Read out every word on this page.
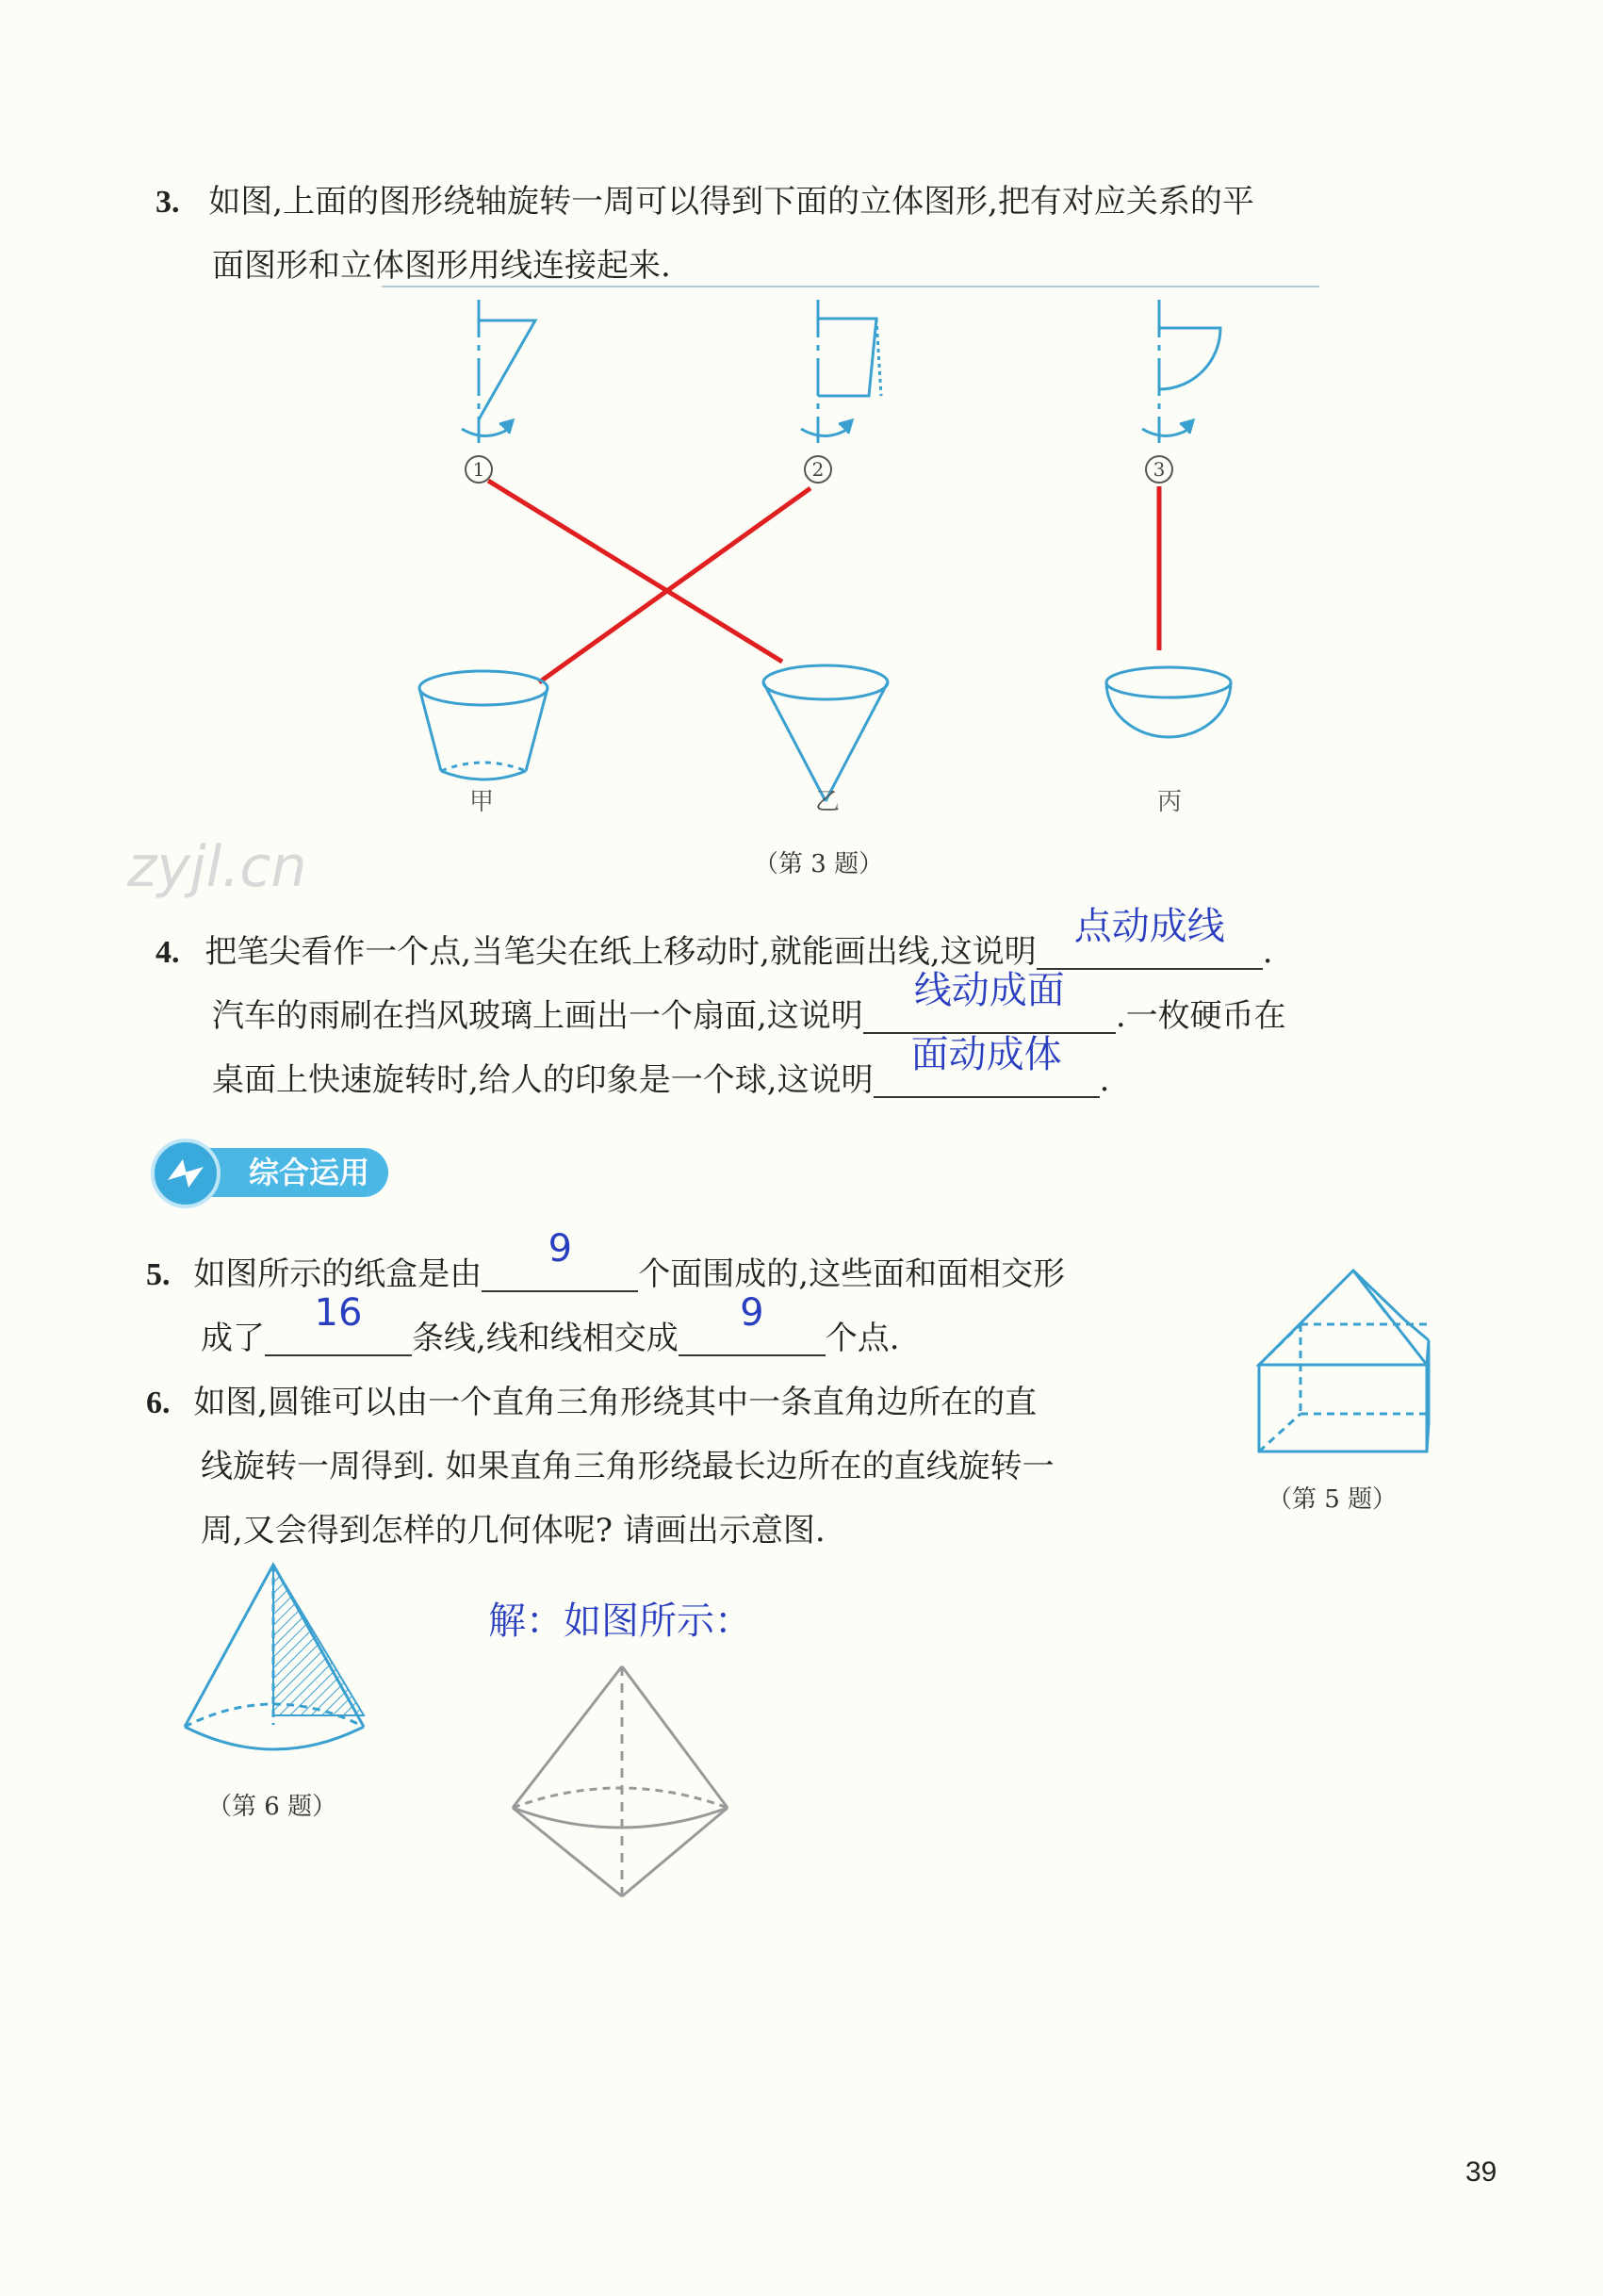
3. 如图,上面的图形绕轴旋转一周可以得到下面的立体图形,把有对应关系的平
面图形和立体图形用线连接起来.
甲	乙	丙
（第 3 题）
zyjl.cn
4. 把笔尖看作一个点,当笔尖在纸上移动时,就能画出线,这说明
点动成线
.
汽车的雨刷在挡风玻璃上画出一个扇面,这说明
线动成面
.一枚硬币在
桌面上快速旋转时,给人的印象是一个球,这说明
面动成体
.
综合运用
5. 如图所示的纸盒是由
9
个面围成的,这些面和面相交形
成了
16
条线,线和线相交成
9
个点.
（第 5 题）
6. 如图,圆锥可以由一个直角三角形绕其中一条直角边所在的直
线旋转一周得到. 如果直角三角形绕最长边所在的直线旋转一
周,又会得到怎样的几何体呢? 请画出示意图.
（第 6 题）
解：如图所示：
39
1	2	3
